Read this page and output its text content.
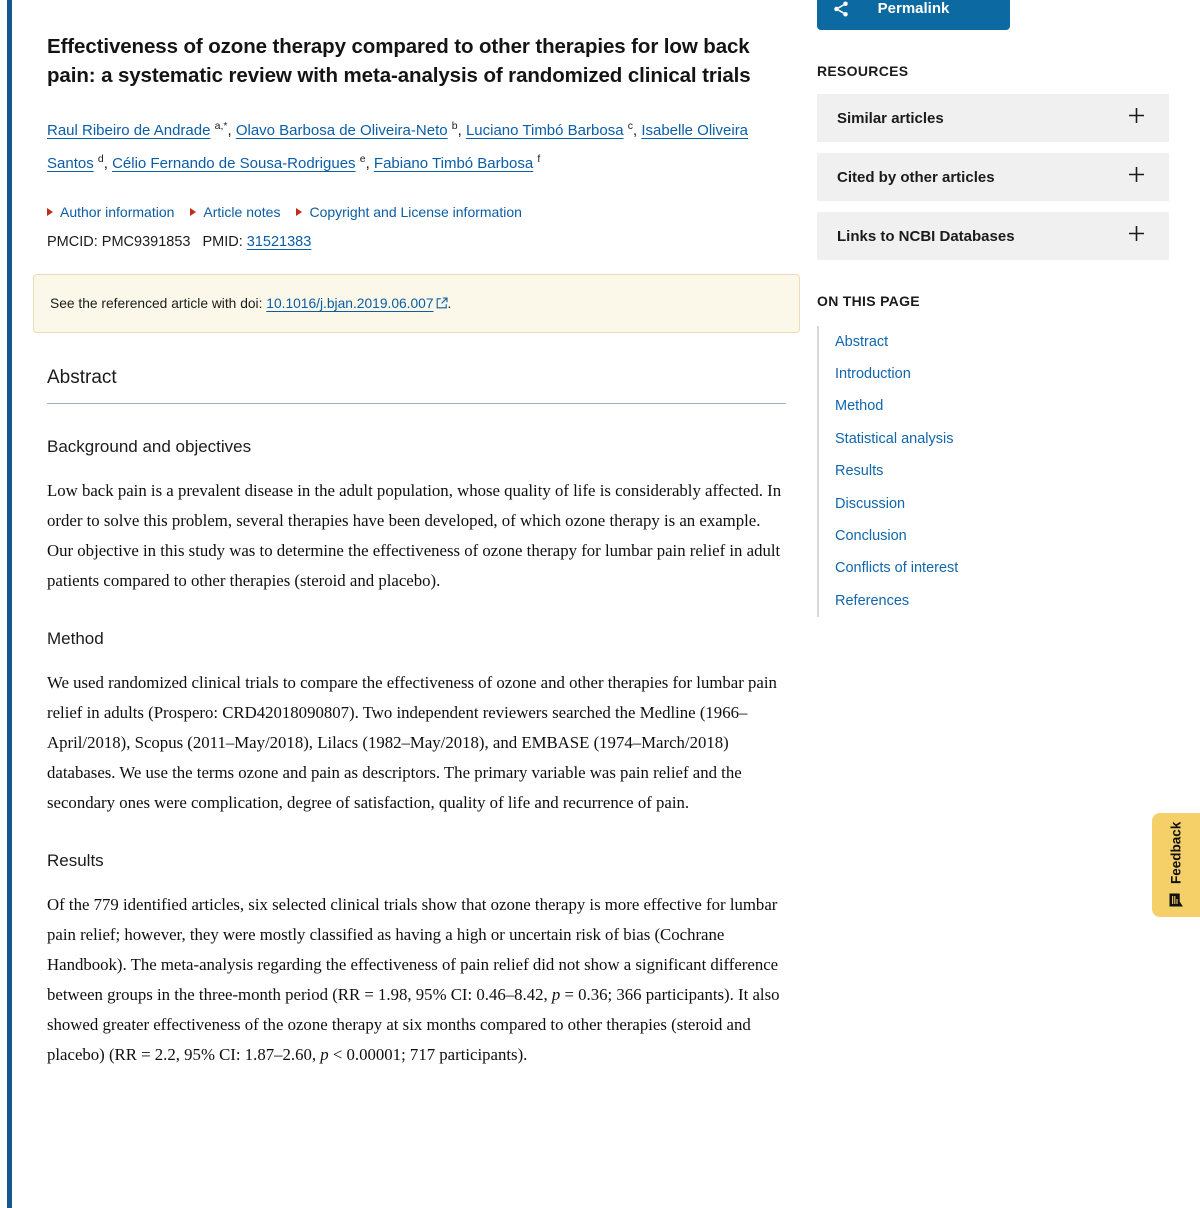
Effectiveness of ozone therapy compared to other therapies for low back pain: a systematic review with meta-analysis of randomized clinical trials

Raul Ribeiro de Andrade $^{a,*}$, Olavo Barbosa de Oliveira-Neto $^b$, Luciano Timbó Barbosa $^c$, Isabelle Oliveira Santos $^d$, Célio Fernando de Sousa-Rodrigues $^e$, Fabiano Timbó Barbosa $^f$

Author information Article notes Copyright and License information

PMCID: PMC9391853 PMID: 31521383

See the referenced article with doi: 10.1016/j.bjan.2019.06.007 .
Abstract
Background and objectives

Low back pain is a prevalent disease in the adult population, whose quality of life is considerably affected. In order to solve this problem, several therapies have been developed, of which ozone therapy is an example. Our objective in this study was to determine the effectiveness of ozone therapy for lumbar pain relief in adult patients compared to other therapies (steroid and placebo).

Method

We used randomized clinical trials to compare the effectiveness of ozone and other therapies for lumbar pain relief in adults (Prospero: CRD42018090807). Two independent reviewers searched the Medline (1966–April/2018), Scopus (2011–May/2018), Lilacs (1982–May/2018), and EMBASE (1974–March/2018) databases. We use the terms ozone and pain as descriptors. The primary variable was pain relief and the secondary ones were complication, degree of satisfaction, quality of life and recurrence of pain.

Results

Of the 779 identified articles, six selected clinical trials show that ozone therapy is more effective for lumbar pain relief; however, they were mostly classified as having a high or uncertain risk of bias (Cochrane Handbook). The meta-analysis regarding the effectiveness of pain relief did not show a significant difference between groups in the three-month period (RR = 1.98, 95% CI: 0.46–8.42, p = 0.36; 366 participants). It also showed greater effectiveness of the ozone therapy at six months compared to other therapies (steroid and placebo) (RR = 2.2, 95% CI: 1.87–2.60, p < 0.00001; 717 participants).

Permalink
RESOURCES
Similar articles
Cited by other articles
Links to NCBI Databases
ON THIS PAGE
Abstract
Introduction
Method
Statistical analysis
Results
Discussion
Conclusion
Conflicts of interest
References
Feedback
